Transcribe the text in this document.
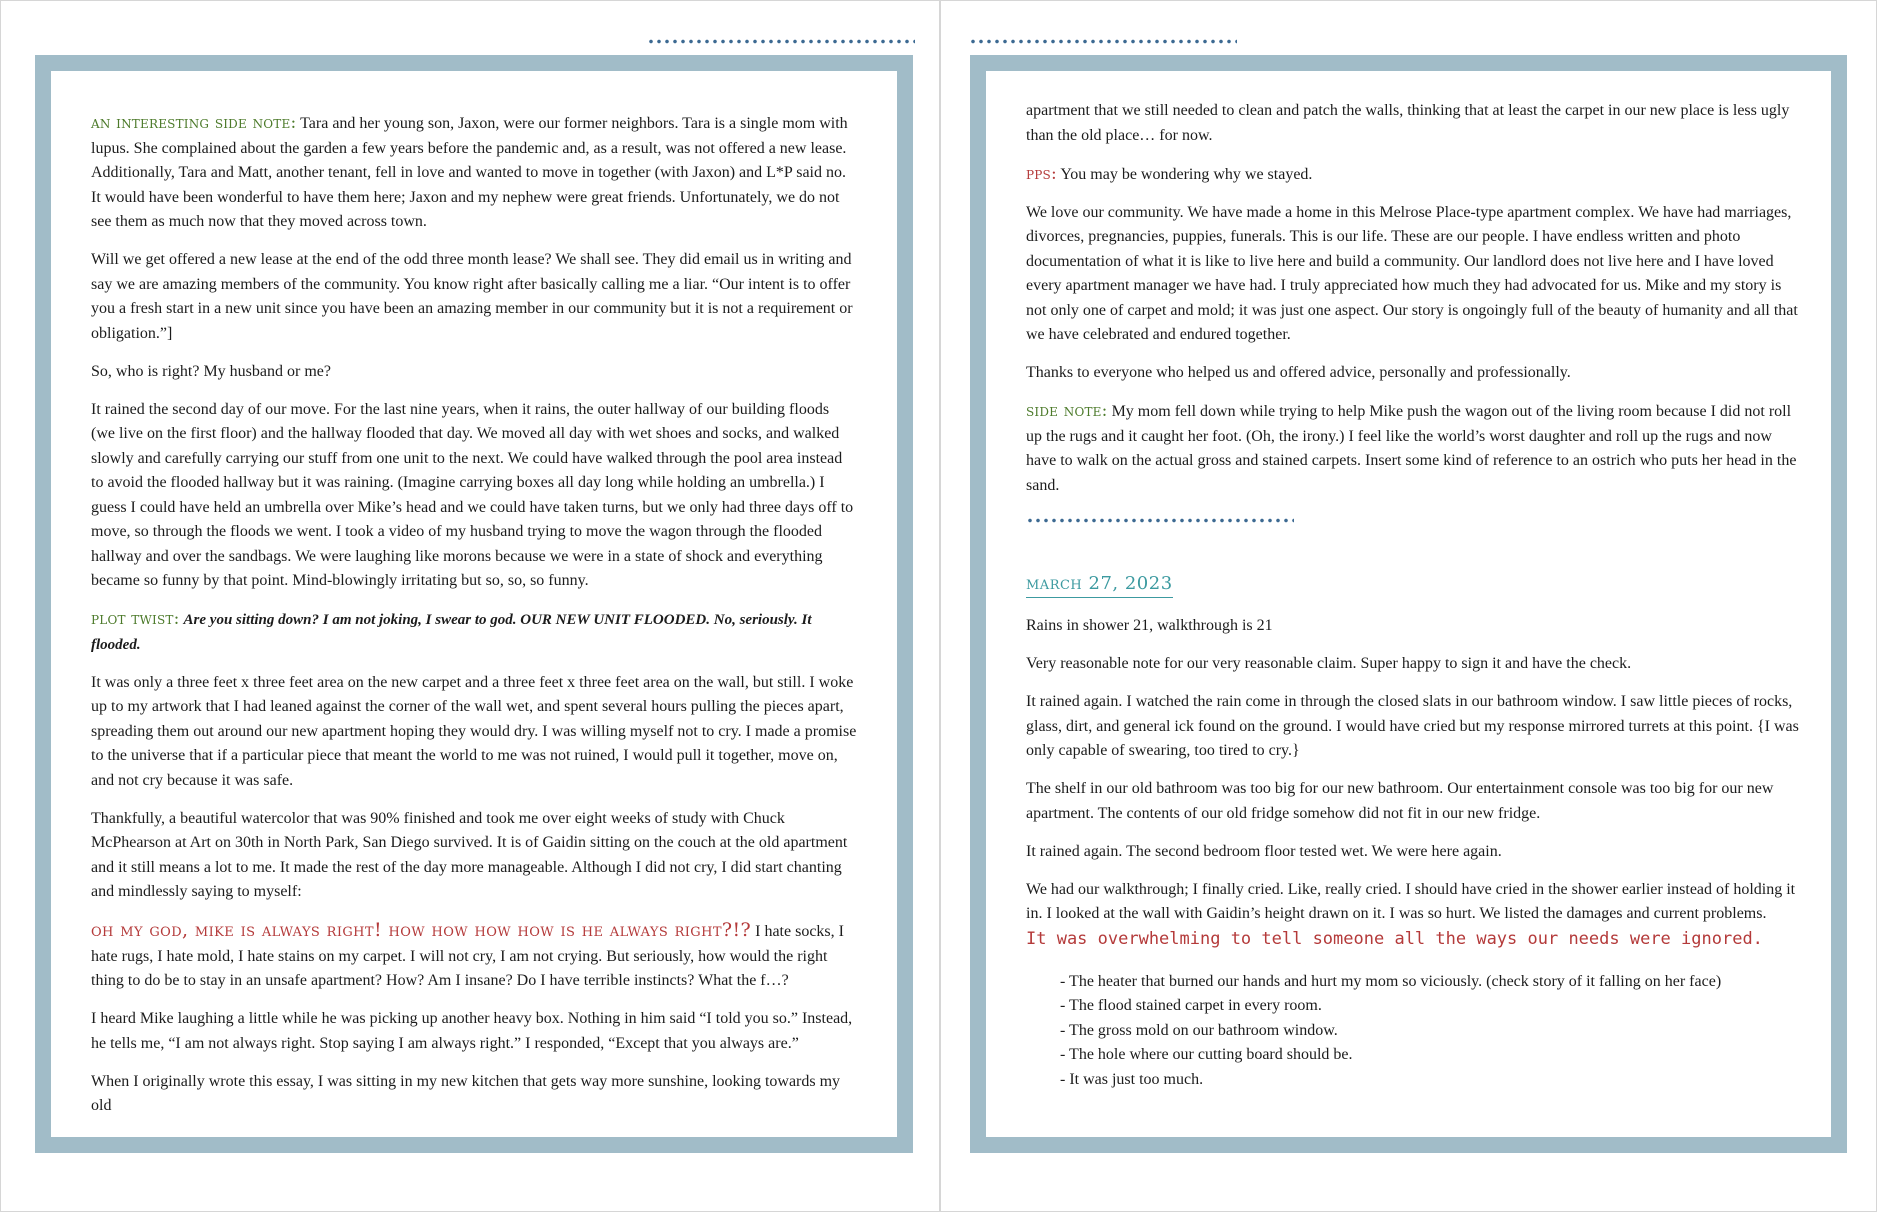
an interesting side note: Tara and her young son, Jaxon, were our former neighbors. Tara is a single mom with lupus. She complained about the garden a few years before the pandemic and, as a result, was not offered a new lease. Additionally, Tara and Matt, another tenant, fell in love and wanted to move in together (with Jaxon) and L*P said no. It would have been wonderful to have them here; Jaxon and my nephew were great friends. Unfortunately, we do not see them as much now that they moved across town.

Will we get offered a new lease at the end of the odd three month lease? We shall see. They did email us in writing and say we are amazing members of the community. You know right after basically calling me a liar. “Our intent is to offer you a fresh start in a new unit since you have been an amazing member in our community but it is not a requirement or obligation.”]

So, who is right? My husband or me?

It rained the second day of our move. For the last nine years, when it rains, the outer hallway of our building floods (we live on the first floor) and the hallway flooded that day. We moved all day with wet shoes and socks, and walked slowly and carefully carrying our stuff from one unit to the next. We could have walked through the pool area instead to avoid the flooded hallway but it was raining. (Imagine carrying boxes all day long while holding an umbrella.) I guess I could have held an umbrella over Mike’s head and we could have taken turns, but we only had three days off to move, so through the floods we went. I took a video of my husband trying to move the wagon through the flooded hallway and over the sandbags. We were laughing like morons because we were in a state of shock and everything became so funny by that point. Mind-blowingly irritating but so, so, so funny.

plot twist: Are you sitting down? I am not joking, I swear to god. OUR NEW UNIT FLOODED. No, seriously. It flooded.

It was only a three feet x three feet area on the new carpet and a three feet x three feet area on the wall, but still. I woke up to my artwork that I had leaned against the corner of the wall wet, and spent several hours pulling the pieces apart, spreading them out around our new apartment hoping they would dry. I was willing myself not to cry. I made a promise to the universe that if a particular piece that meant the world to me was not ruined, I would pull it together, move on, and not cry because it was safe.

Thankfully, a beautiful watercolor that was 90% finished and took me over eight weeks of study with Chuck McPhearson at Art on 30th in North Park, San Diego survived. It is of Gaidin sitting on the couch at the old apartment and it still means a lot to me. It made the rest of the day more manageable. Although I did not cry, I did start chanting and mindlessly saying to myself:

oh my god, mike is always right! how how how how is he always right?!? I hate socks, I hate rugs, I hate mold, I hate stains on my carpet. I will not cry, I am not crying. But seriously, how would the right thing to do be to stay in an unsafe apartment? How? Am I insane? Do I have terrible instincts? What the f…?

I heard Mike laughing a little while he was picking up another heavy box. Nothing in him said “I told you so.” Instead, he tells me, “I am not always right. Stop saying I am always right.” I responded, “Except that you always are.”

When I originally wrote this essay, I was sitting in my new kitchen that gets way more sunshine, looking towards my old

apartment that we still needed to clean and patch the walls, thinking that at least the carpet in our new place is less ugly than the old place… for now.

pps: You may be wondering why we stayed.

We love our community. We have made a home in this Melrose Place-type apartment complex. We have had marriages, divorces, pregnancies, puppies, funerals. This is our life. These are our people. I have endless written and photo documentation of what it is like to live here and build a community. Our landlord does not live here and I have loved every apartment manager we have had. I truly appreciated how much they had advocated for us. Mike and my story is not only one of carpet and mold; it was just one aspect. Our story is ongoingly full of the beauty of humanity and all that we have celebrated and endured together.

Thanks to everyone who helped us and offered advice, personally and professionally.

side note: My mom fell down while trying to help Mike push the wagon out of the living room because I did not roll up the rugs and it caught her foot. (Oh, the irony.) I feel like the world’s worst daughter and roll up the rugs and now have to walk on the actual gross and stained carpets. Insert some kind of reference to an ostrich who puts her head in the sand.

march 27, 2023

Rains in shower 21, walkthrough is 21

Very reasonable note for our very reasonable claim. Super happy to sign it and have the check.

It rained again. I watched the rain come in through the closed slats in our bathroom window. I saw little pieces of rocks, glass, dirt, and general ick found on the ground. I would have cried but my response mirrored turrets at this point. {I was only capable of swearing, too tired to cry.}

The shelf in our old bathroom was too big for our new bathroom. Our entertainment console was too big for our new apartment. The contents of our old fridge somehow did not fit in our new fridge.

It rained again. The second bedroom floor tested wet. We were here again.

We had our walkthrough; I finally cried. Like, really cried. I should have cried in the shower earlier instead of holding it in. I looked at the wall with Gaidin’s height drawn on it. I was so hurt. We listed the damages and current problems.
It was overwhelming to tell someone all the ways our needs were ignored.

- The heater that burned our hands and hurt my mom so viciously. (check story of it falling on her face)
- The flood stained carpet in every room.
- The gross mold on our bathroom window.
- The hole where our cutting board should be.
- It was just too much.
